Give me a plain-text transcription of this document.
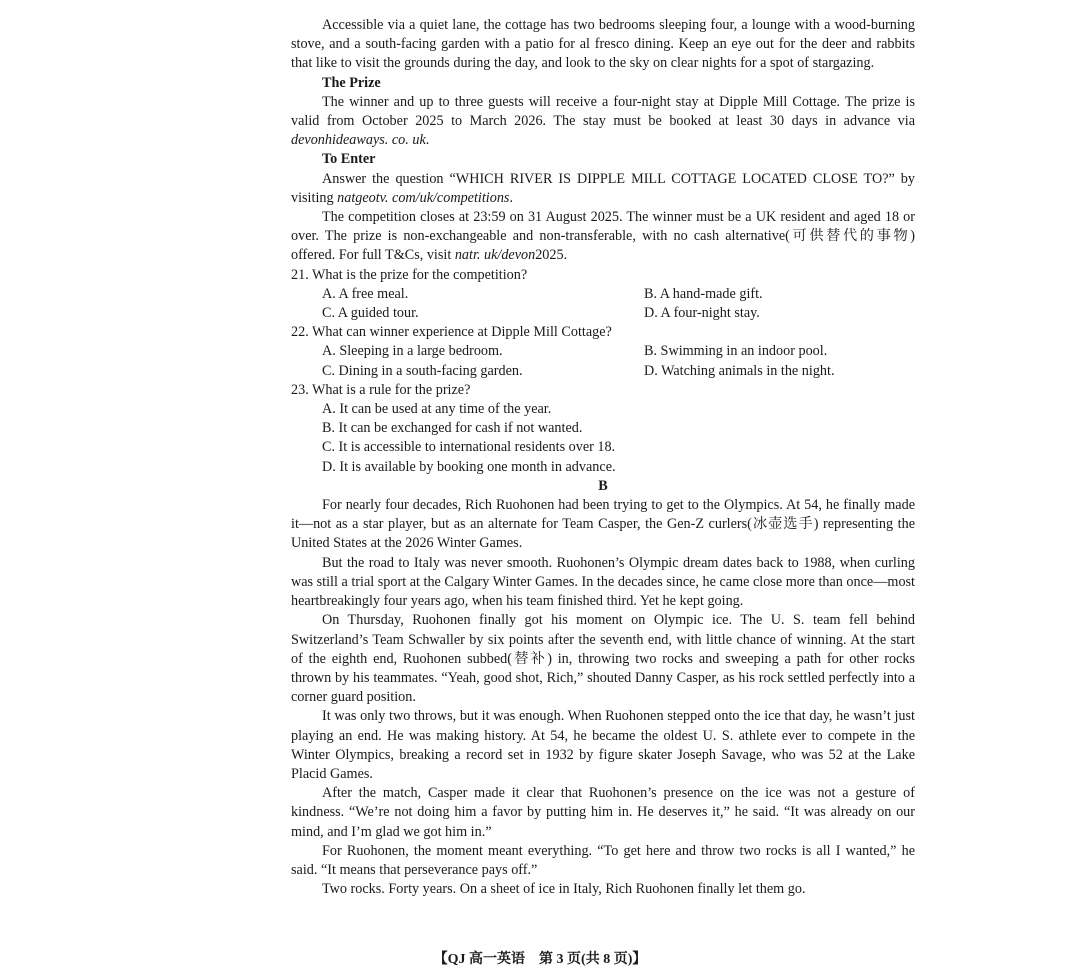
Accessible via a quiet lane, the cottage has two bedrooms sleeping four, a lounge with a wood-burning stove, and a south-facing garden with a patio for al fresco dining. Keep an eye out for the deer and rabbits that like to visit the grounds during the day, and look to the sky on clear nights for a spot of stargazing.

The Prize

The winner and up to three guests will receive a four-night stay at Dipple Mill Cottage. The prize is valid from October 2025 to March 2026. The stay must be booked at least 30 days in advance via devonhideaways. co. uk.

To Enter

Answer the question “WHICH RIVER IS DIPPLE MILL COTTAGE LOCATED CLOSE TO?” by visiting natgeotv. com/uk/competitions.

The competition closes at 23:59 on 31 August 2025. The winner must be a UK resident and aged 18 or over. The prize is non-exchangeable and non-transferable, with no cash alternative(可供替代的事物) offered. For full T&Cs, visit natr. uk/devon2025.

21. What is the prize for the competition?

A. A free meal.	B. A hand-made gift.
C. A guided tour.	D. A four-night stay.

22. What can winner experience at Dipple Mill Cottage?

A. Sleeping in a large bedroom.	B. Swimming in an indoor pool.
C. Dining in a south-facing garden.	D. Watching animals in the night.

23. What is a rule for the prize?

A. It can be used at any time of the year.

B. It can be exchanged for cash if not wanted.

C. It is accessible to international residents over 18.

D. It is available by booking one month in advance.

B

For nearly four decades, Rich Ruohonen had been trying to get to the Olympics. At 54, he finally made it—not as a star player, but as an alternate for Team Casper, the Gen-Z curlers(冰壶选手) representing the United States at the 2026 Winter Games.

But the road to Italy was never smooth. Ruohonen’s Olympic dream dates back to 1988, when curling was still a trial sport at the Calgary Winter Games. In the decades since, he came close more than once—most heartbreakingly four years ago, when his team finished third. Yet he kept going.

On Thursday, Ruohonen finally got his moment on Olympic ice. The U. S. team fell behind Switzerland’s Team Schwaller by six points after the seventh end, with little chance of winning. At the start of the eighth end, Ruohonen subbed(替补) in, throwing two rocks and sweeping a path for other rocks thrown by his teammates. “Yeah, good shot, Rich,” shouted Danny Casper, as his rock settled perfectly into a corner guard position.

It was only two throws, but it was enough. When Ruohonen stepped onto the ice that day, he wasn’t just playing an end. He was making history. At 54, he became the oldest U. S. athlete ever to compete in the Winter Olympics, breaking a record set in 1932 by figure skater Joseph Savage, who was 52 at the Lake Placid Games.

After the match, Casper made it clear that Ruohonen’s presence on the ice was not a gesture of kindness. “We’re not doing him a favor by putting him in. He deserves it,” he said. “It was already on our mind, and I’m glad we got him in.”

For Ruohonen, the moment meant everything. “To get here and throw two rocks is all I wanted,” he said. “It means that perseverance pays off.”

Two rocks. Forty years. On a sheet of ice in Italy, Rich Ruohonen finally let them go.

【QJ 高一英语　第 3 页(共 8 页)】
